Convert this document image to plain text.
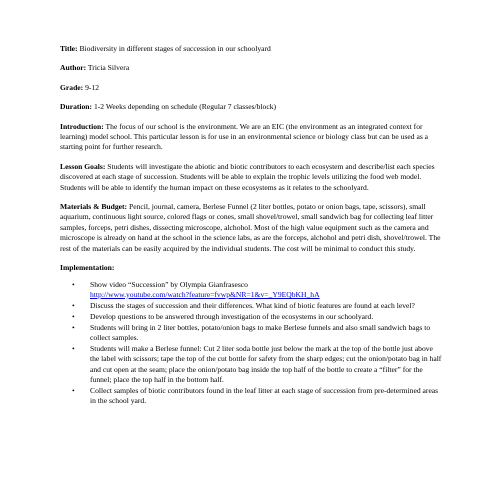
Title: Biodiversity in different stages of succession in our schoolyard

Author: Tricia Silvera

Grade: 9-12

Duration: 1-2 Weeks depending on schedule (Regular 7 classes/block)

Introduction: The focus of our school is the environment. We are an EIC (the environment as an integrated context for learning) model school. This particular lesson is for use in an environmental science or biology class but can be used as a starting point for further research.

Lesson Goals: Students will investigate the abiotic and biotic contributors to each ecosystem and describe/list each species discovered at each stage of succession. Students will be able to explain the trophic levels utilizing the food web model. Students will be able to identify the human impact on these ecosystems as it relates to the schoolyard.

Materials & Budget: Pencil, journal, camera, Berlese Funnel (2 liter bottles, potato or onion bags, tape, scissors), small aquarium, continuous light source, colored flags or cones, small shovel/trowel, small sandwich bag for collecting leaf litter samples, forceps, petri dishes, dissecting microscope, alchohol. Most of the high value equipment such as the camera and microscope is already on hand at the school in the science labs, as are the forceps, alchohol and petri dish, shovel/trowel. The rest of the materials can be easily acquired by the individual students. The cost will be minimal to conduct this study.

Implementation:

• Show video “Succession” by Olympia Gianfrasesco
http://www.youtube.com/watch?feature=fvwp&NR=1&v=_Y9EQbKH_hA
• Discuss the stages of succession and their differences. What kind of biotic features are found at each level?
• Develop questions to be answered through investigation of the ecosystems in our schoolyard.
• Students will bring in 2 liter bottles, potato/onion bags to make Berlese funnels and also small sandwich bags to collect samples.
• Students will make a Berlese funnel: Cut 2 liter soda bottle just below the mark at the top of the bottle just above the label with scissors; tape the top of the cut bottle for safety from the sharp edges; cut the onion/potato bag in half and cut open at the seam; place the onion/potato bag inside the top half of the bottle to create a “filter” for the funnel; place the top half in the bottom half.
• Collect samples of biotic contributors found in the leaf litter at each stage of succession from pre-determined areas in the school yard.
